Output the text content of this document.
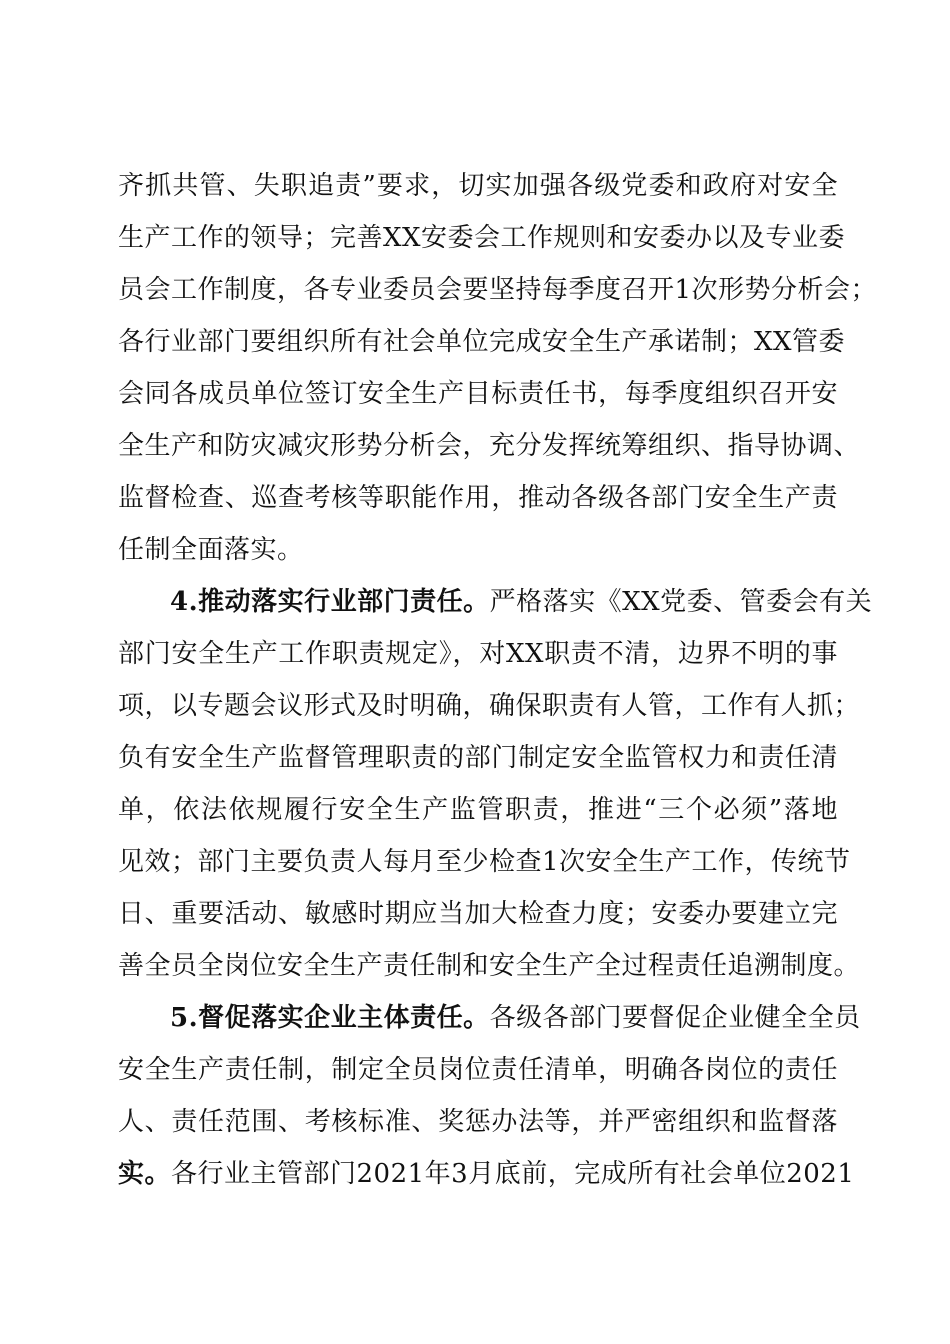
齐抓共管、失职追责”要求，切实加强各级党委和政府对安全
生产工作的领导；完善XX安委会工作规则和安委办以及专业委
员会工作制度，各专业委员会要坚持每季度召开1次形势分析会；
各行业部门要组织所有社会单位完成安全生产承诺制；XX管委
会同各成员单位签订安全生产目标责任书，每季度组织召开安
全生产和防灾减灾形势分析会，充分发挥统筹组织、指导协调、
监督检查、巡查考核等职能作用，推动各级各部门安全生产责
任制全面落实。
4.推动落实行业部门责任。严格落实《XX党委、管委会有关
部门安全生产工作职责规定》，对XX职责不清，边界不明的事
项，以专题会议形式及时明确，确保职责有人管，工作有人抓；
负有安全生产监督管理职责的部门制定安全监管权力和责任清
单，依法依规履行安全生产监管职责，推进“三个必须”落地
见效；部门主要负责人每月至少检查1次安全生产工作，传统节
日、重要活动、敏感时期应当加大检查力度；安委办要建立完
善全员全岗位安全生产责任制和安全生产全过程责任追溯制度。
5.督促落实企业主体责任。各级各部门要督促企业健全全员
安全生产责任制，制定全员岗位责任清单，明确各岗位的责任
人、责任范围、考核标准、奖惩办法等，并严密组织和监督落
实。各行业主管部门2021年3月底前，完成所有社会单位2021
